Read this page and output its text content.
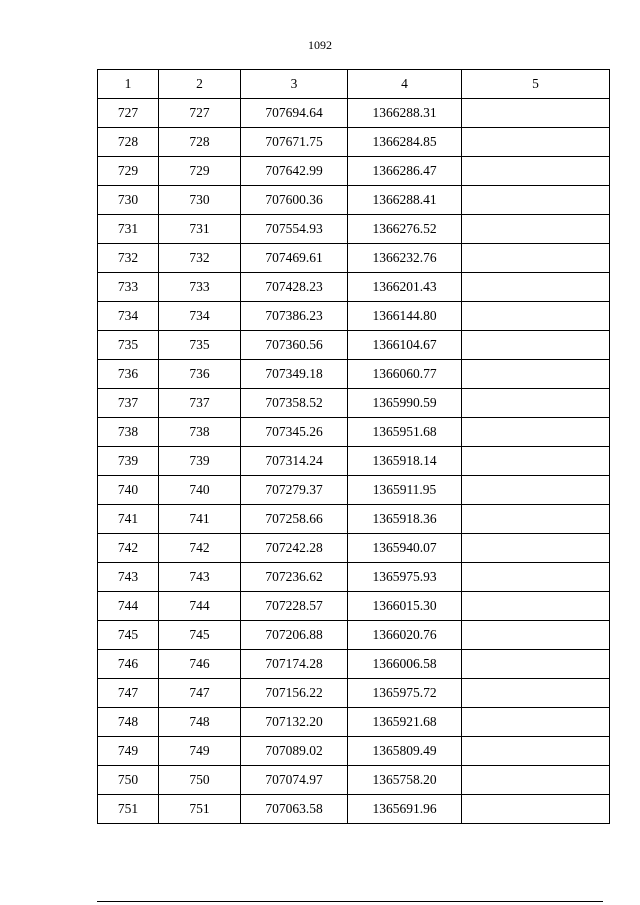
1092
1	2	3	4	5
727	727	707694.64	1366288.31	
728	728	707671.75	1366284.85	
729	729	707642.99	1366286.47	
730	730	707600.36	1366288.41	
731	731	707554.93	1366276.52	
732	732	707469.61	1366232.76	
733	733	707428.23	1366201.43	
734	734	707386.23	1366144.80	
735	735	707360.56	1366104.67	
736	736	707349.18	1366060.77	
737	737	707358.52	1365990.59	
738	738	707345.26	1365951.68	
739	739	707314.24	1365918.14	
740	740	707279.37	1365911.95	
741	741	707258.66	1365918.36	
742	742	707242.28	1365940.07	
743	743	707236.62	1365975.93	
744	744	707228.57	1366015.30	
745	745	707206.88	1366020.76	
746	746	707174.28	1366006.58	
747	747	707156.22	1365975.72	
748	748	707132.20	1365921.68	
749	749	707089.02	1365809.49	
750	750	707074.97	1365758.20	
751	751	707063.58	1365691.96	
